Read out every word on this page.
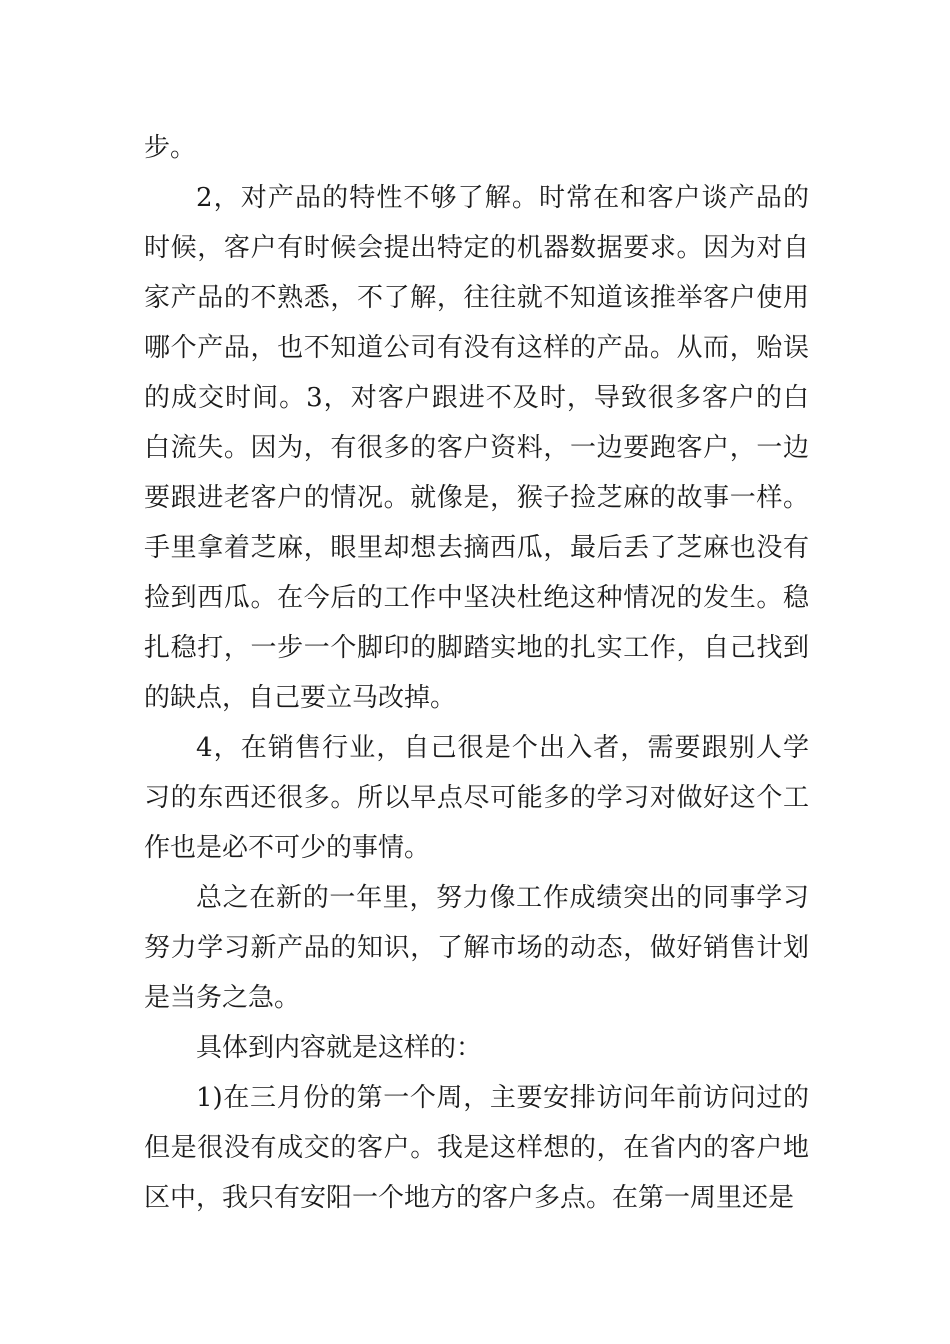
步。

2，对产品的特性不够了解。时常在和客户谈产品的时候，客户有时候会提出特定的机器数据要求。因为对自家产品的不熟悉，不了解，往往就不知道该推举客户使用哪个产品，也不知道公司有没有这样的产品。从而，贻误的成交时间。3，对客户跟进不及时，导致很多客户的白白流失。因为，有很多的客户资料，一边要跑客户，一边要跟进老客户的情况。就像是，猴子捡芝麻的故事一样。手里拿着芝麻，眼里却想去摘西瓜，最后丢了芝麻也没有捡到西瓜。在今后的工作中坚决杜绝这种情况的发生。稳扎稳打，一步一个脚印的脚踏实地的扎实工作，自己找到的缺点，自己要立马改掉。

4，在销售行业，自己很是个出入者，需要跟别人学习的东西还很多。所以早点尽可能多的学习对做好这个工作也是必不可少的事情。

总之在新的一年里，努力像工作成绩突出的同事学习努力学习新产品的知识，了解市场的动态，做好销售计划是当务之急。

具体到内容就是这样的：

1)在三月份的第一个周，主要安排访问年前访问过的但是很没有成交的客户。我是这样想的，在省内的客户地区中，我只有安阳一个地方的客户多点。在第一周里还是
